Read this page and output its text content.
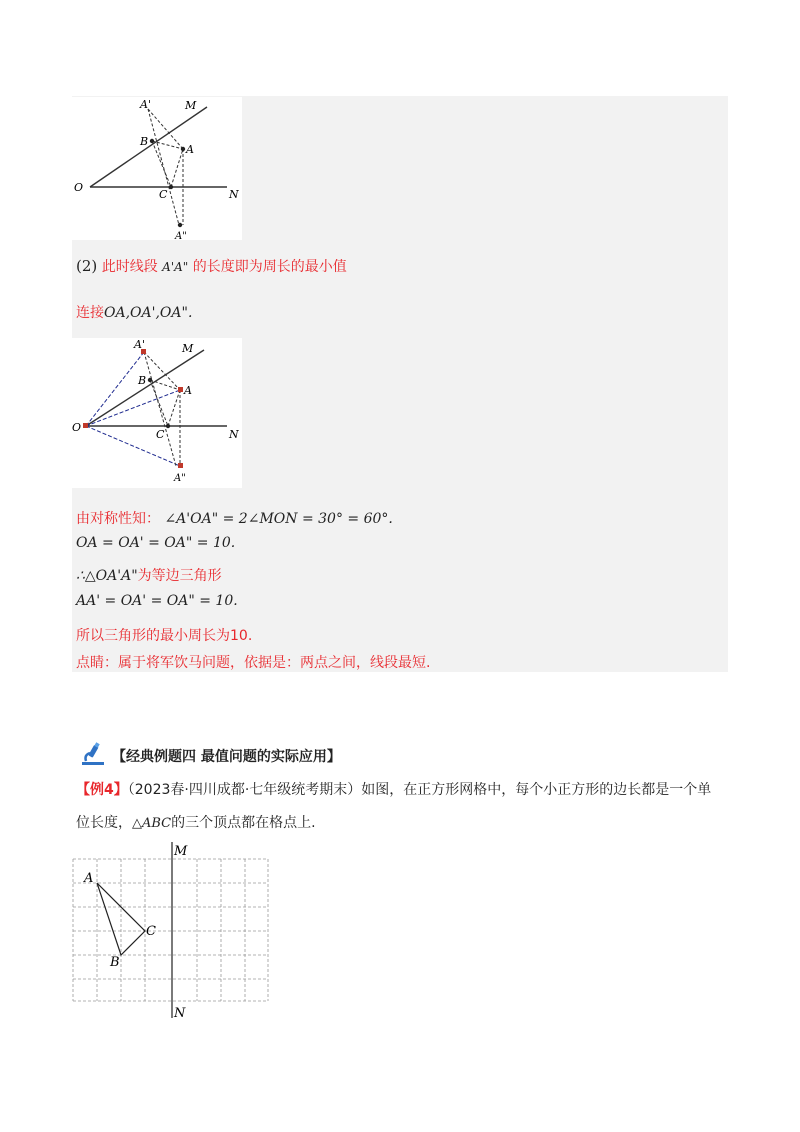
A'	M
B
A
O
C	N
A"
(2) 此时线段 A'A" 的长度即为周长的最小值
连接OA,OA',OA".
A'	M
B
A
O
C	N
A"
由对称性知： ∠A'OA" = 2∠MON = 30° = 60°.
OA = OA' = OA" = 10.
∴△OA'A"为等边三角形
AA' = OA' = OA" = 10.
所以三角形的最小周长为10.
点睛：属于将军饮马问题，依据是：两点之间，线段最短.
【经典例题四 最值问题的实际应用】
【例4】（2023春·四川成都·七年级统考期末）如图，在正方形网格中，每个小正方形的边长都是一个单
位长度，△ABC的三个顶点都在格点上.
M
N
A
C
B
